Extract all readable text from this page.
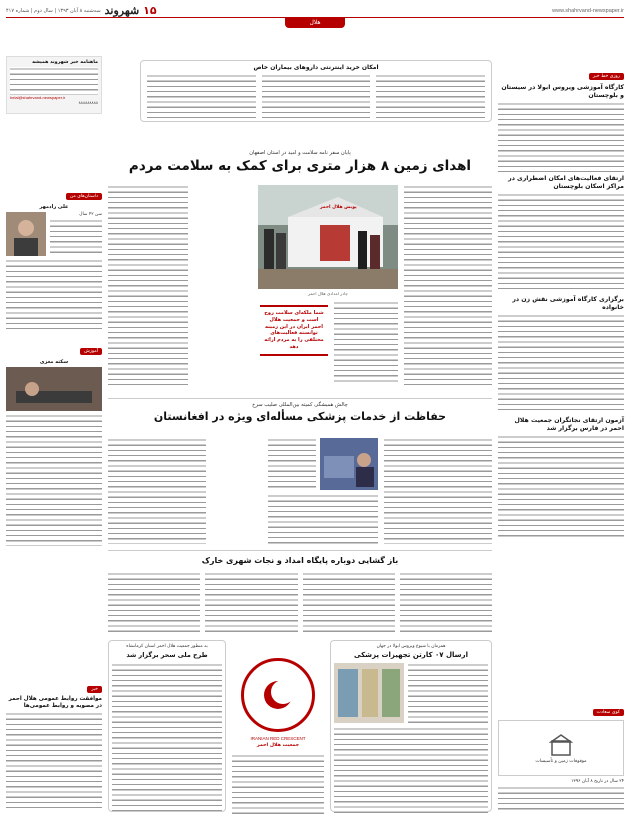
۱۵
شهروند
سه‌شنبه ۸ آبان ۱۳۹۳ | سال دوم | شماره ۴۱۷	www.shahrvand-newspaper.ir
هلال
امکان خرید اینترنتی داروهای بیماران خاص
پایان سفر نامه سلامت و امید در استان اصفهان
اهدای زمین ۸ هزار متری برای کمک به سلامت مردم
پویش هلال احمر
چادر امدادی هلال احمر
شما ملکه‌ای سلامت روح است و جمعیت هلال احمر ایران در این زمینه توانسته فعالیت‌های مختلفی را به مردم ارائه دهد
چالش همیشگی کمیته بین‌المللی صلیب سرخ
حفاظت از خدمات پزشکی مسأله‌ای ویژه در افغانستان
باز گشایی دوباره پایگاه امداد و نجات شهری خارک
به منظور جمعیت هلال احمر استان کرمانشاه
طرح ملی سحر برگزار شد
IRANIAN RED CRESCENT
جمعیت هلال احمر
همزمان با شیوع ویروس ابولا در جهان
ارسال ۰۷ کارتن تجهیزات پزشکی
روزی خط خبر
کارگاه آموزشی ویروس ابولا در سیستان و بلوچستان
ارتقای فعالیت‌های امکان اضطراری در مراکز اسکان بلوچستان
برگزاری کارگاه آموزشی نقش زن در خانواده
آزمون ارتقای نجاتگران جمعیت هلال احمر در فارس برگزار شد
کوی سعادت
موقوفات زمین و تأسیسات
۲۴ سال در تاریخ ۸ آبان ۱۳۹۶
ماهنامه خبر شهروند همیشه
helal@shahrvand-newspaper.ir
۸۸۸۸۸۸۸۸۸
داستان‌های من
علی رادمهر
سن ۴۲ سال
آموزش
سکته مغزی
خبر
موافقت روابط عمومی هلال احمر در مصوبه و روابط عمومی‌ها
